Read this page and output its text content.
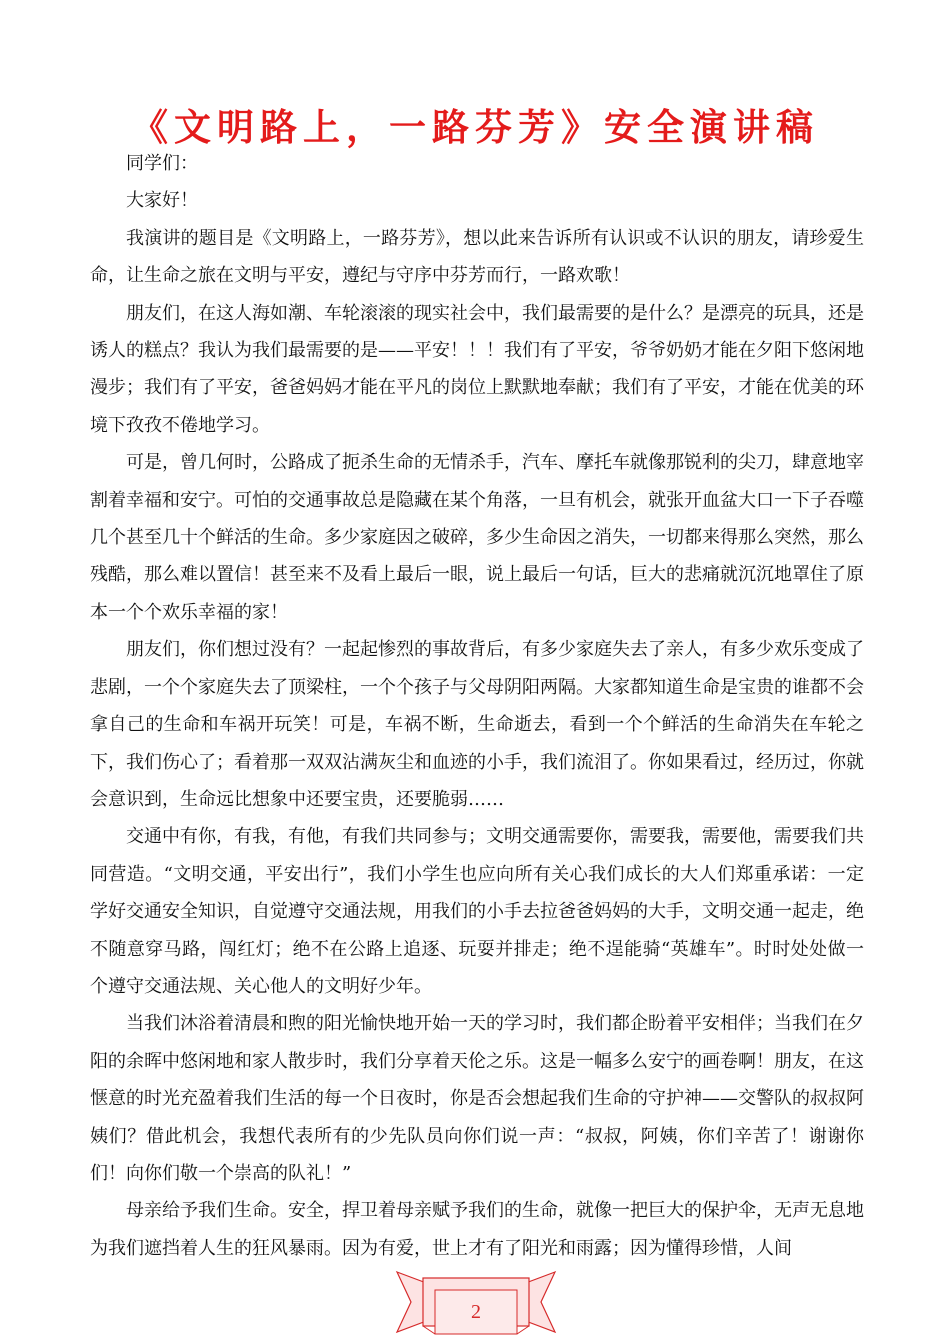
《文明路上，一路芬芳》安全演讲稿

同学们：

大家好！

我演讲的题目是《文明路上，一路芬芳》，想以此来告诉所有认识或不认识的朋友，请珍爱生命，让生命之旅在文明与平安，遵纪与守序中芬芳而行，一路欢歌！

朋友们，在这人海如潮、车轮滚滚的现实社会中，我们最需要的是什么？是漂亮的玩具，还是诱人的糕点？我认为我们最需要的是——平安！！！我们有了平安，爷爷奶奶才能在夕阳下悠闲地漫步；我们有了平安，爸爸妈妈才能在平凡的岗位上默默地奉献；我们有了平安，才能在优美的环境下孜孜不倦地学习。

可是，曾几何时，公路成了扼杀生命的无情杀手，汽车、摩托车就像那锐利的尖刀，肆意地宰割着幸福和安宁。可怕的交通事故总是隐藏在某个角落，一旦有机会，就张开血盆大口一下子吞噬几个甚至几十个鲜活的生命。多少家庭因之破碎，多少生命因之消失，一切都来得那么突然，那么残酷，那么难以置信！甚至来不及看上最后一眼，说上最后一句话，巨大的悲痛就沉沉地罩住了原本一个个欢乐幸福的家！

朋友们，你们想过没有？一起起惨烈的事故背后，有多少家庭失去了亲人，有多少欢乐变成了悲剧，一个个家庭失去了顶梁柱，一个个孩子与父母阴阳两隔。大家都知道生命是宝贵的谁都不会拿自己的生命和车祸开玩笑！可是，车祸不断，生命逝去，看到一个个鲜活的生命消失在车轮之下，我们伤心了；看着那一双双沾满灰尘和血迹的小手，我们流泪了。你如果看过，经历过，你就会意识到，生命远比想象中还要宝贵，还要脆弱……

交通中有你，有我，有他，有我们共同参与；文明交通需要你，需要我，需要他，需要我们共同营造。“文明交通，平安出行”，我们小学生也应向所有关心我们成长的大人们郑重承诺：一定学好交通安全知识，自觉遵守交通法规，用我们的小手去拉爸爸妈妈的大手，文明交通一起走，绝不随意穿马路，闯红灯；绝不在公路上追逐、玩耍并排走；绝不逞能骑“英雄车”。时时处处做一个遵守交通法规、关心他人的文明好少年。

当我们沐浴着清晨和煦的阳光愉快地开始一天的学习时，我们都企盼着平安相伴；当我们在夕阳的余晖中悠闲地和家人散步时，我们分享着天伦之乐。这是一幅多么安宁的画卷啊！朋友，在这惬意的时光充盈着我们生活的每一个日夜时，你是否会想起我们生命的守护神——交警队的叔叔阿姨们？借此机会，我想代表所有的少先队员向你们说一声：“叔叔，阿姨，你们辛苦了！谢谢你们！向你们敬一个崇高的队礼！”

母亲给予我们生命。安全，捍卫着母亲赋予我们的生命，就像一把巨大的保护伞，无声无息地为我们遮挡着人生的狂风暴雨。因为有爱，世上才有了阳光和雨露；因为懂得珍惜，人间

2
